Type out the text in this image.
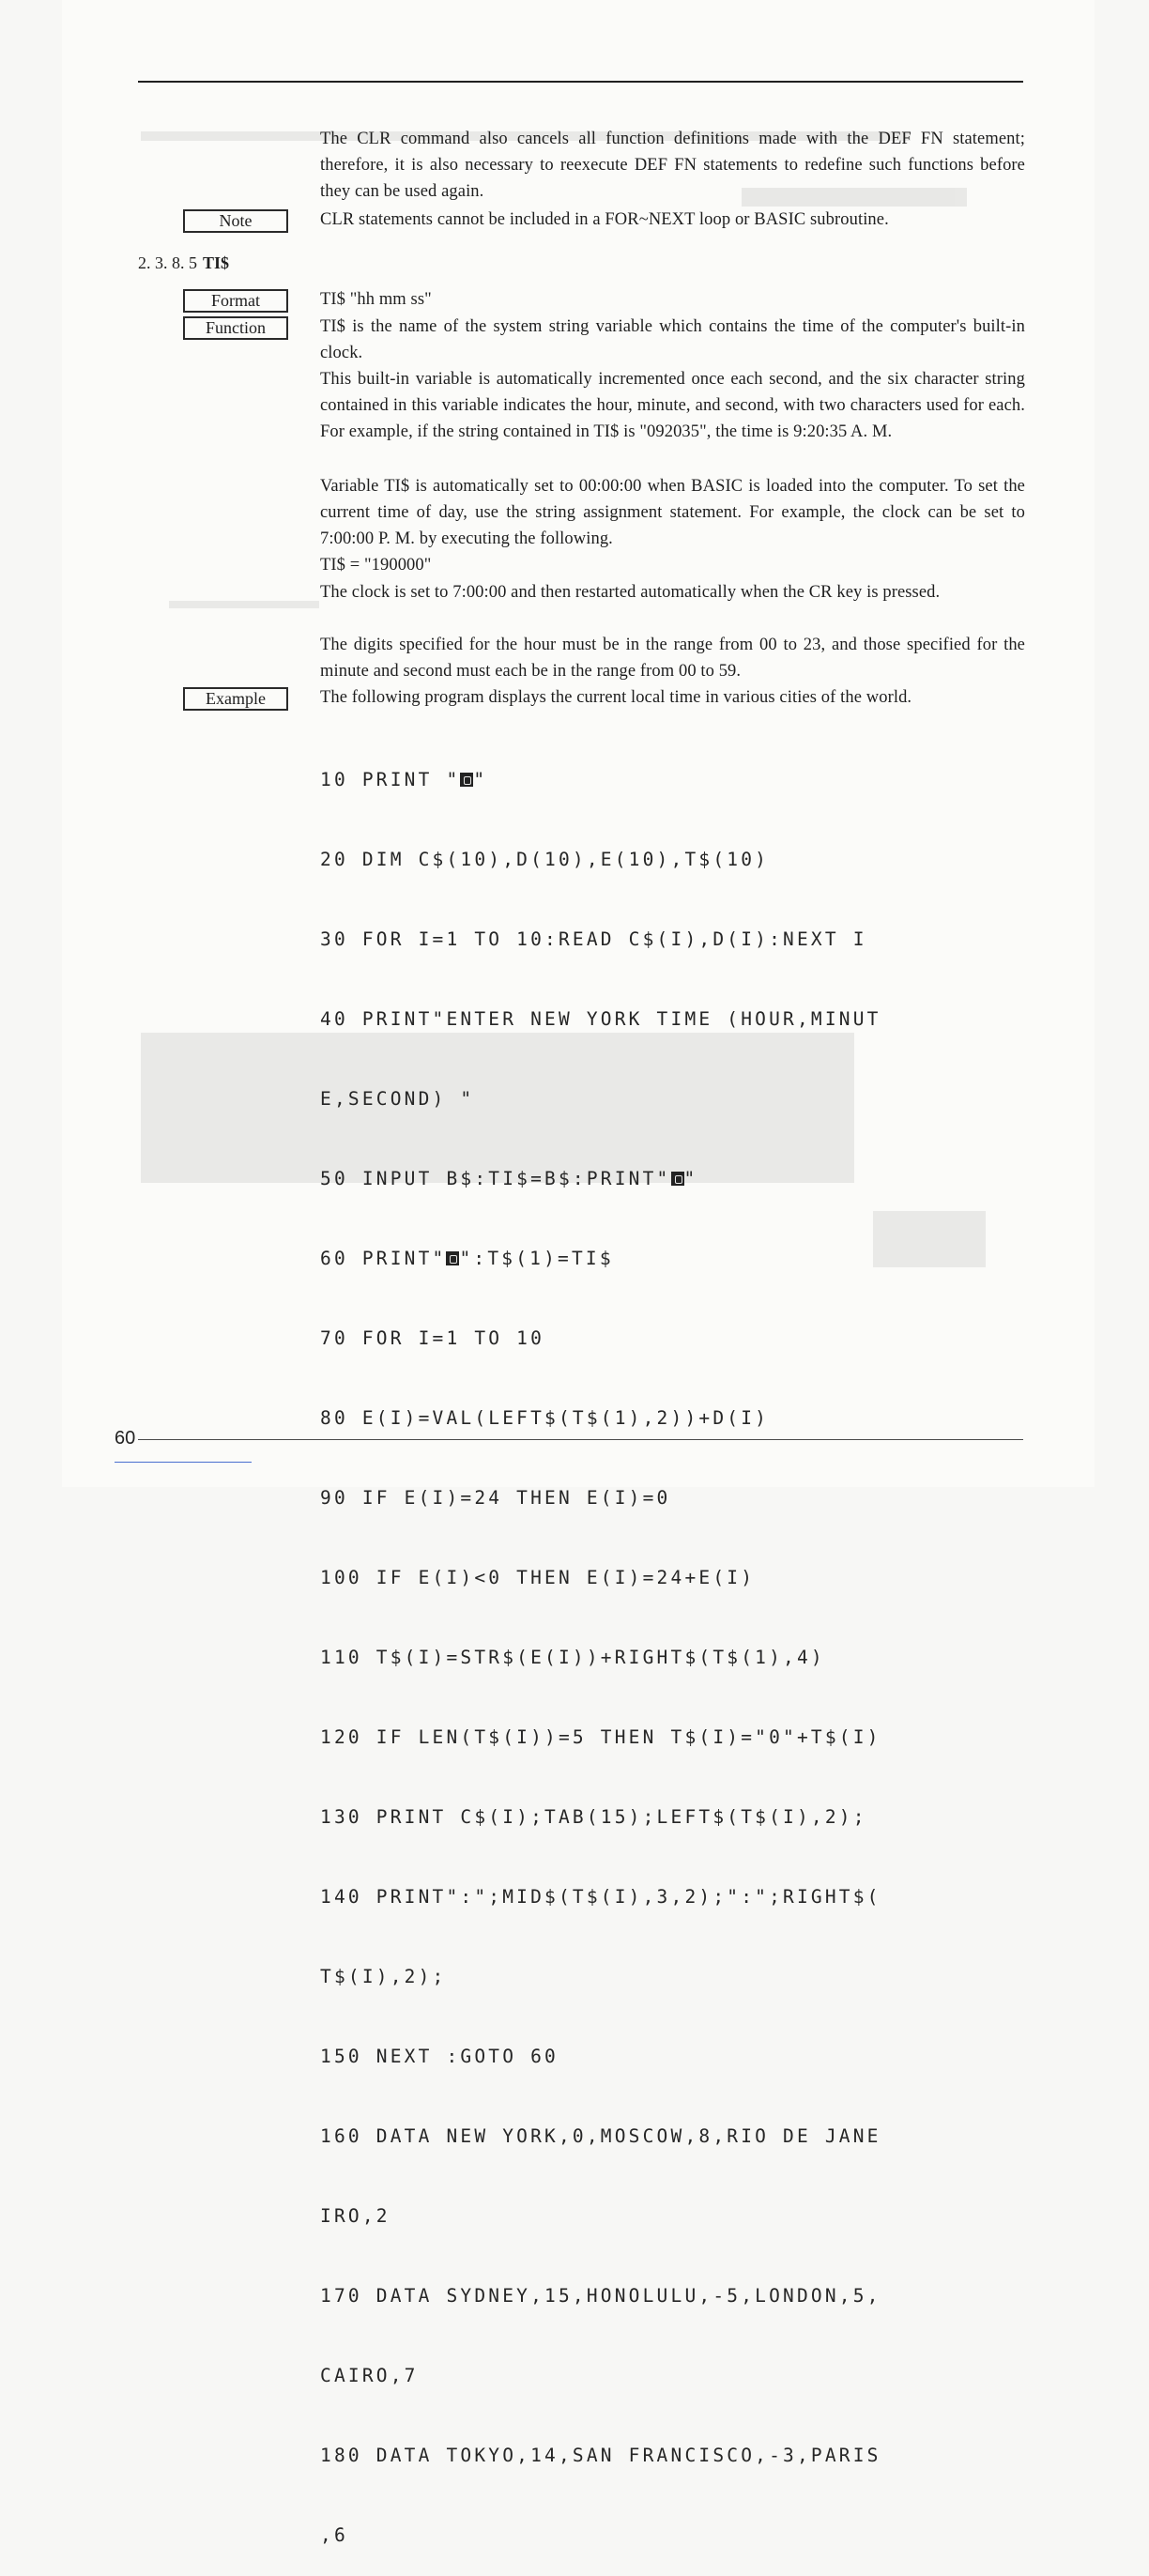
The CLR command also cancels all function definitions made with the DEF FN statement; therefore, it is also necessary to reexecute DEF FN statements to redefine such functions before they can be used again.
Note	CLR statements cannot be included in a FOR~NEXT loop or BASIC subroutine.
2. 3. 8. 5 TI$
Format	TI$ "hh mm ss"
Function	TI$ is the name of the system string variable which contains the time of the computer's built-in clock.
This built-in variable is automatically incremented once each second, and the six character string contained in this variable indicates the hour, minute, and second, with two characters used for each. For example, if the string contained in TI$ is "092035", the time is 9:20:35 A. M.
Variable TI$ is automatically set to 00:00:00 when BASIC is loaded into the computer. To set the current time of day, use the string assignment statement. For example, the clock can be set to 7:00:00 P. M. by executing the following.
TI$ = "190000"
The clock is set to 7:00:00 and then restarted automatically when the CR key is pressed.
The digits specified for the hour must be in the range from 00 to 23, and those specified for the minute and second must each be in the range from 00 to 59.
Example	The following program displays the current local time in various cities of the world.

10 PRINT " "

20 DIM C$(10),D(10),E(10),T$(10)

30 FOR I=1 TO 10:READ C$(I),D(I):NEXT I

40 PRINT"ENTER NEW YORK TIME (HOUR,MINUT

E,SECOND) "

50 INPUT B$:TI$=B$:PRINT" "

60 PRINT" ":T$(1)=TI$

70 FOR I=1 TO 10

80 E(I)=VAL(LEFT$(T$(1),2))+D(I)

90 IF E(I)=24 THEN E(I)=0

100 IF E(I)<0 THEN E(I)=24+E(I)

110 T$(I)=STR$(E(I))+RIGHT$(T$(1),4)

120 IF LEN(T$(I))=5 THEN T$(I)="0"+T$(I)

130 PRINT C$(I);TAB(15);LEFT$(T$(I),2);

140 PRINT":";MID$(T$(I),3,2);":";RIGHT$(

T$(I),2);

150 NEXT :GOTO 60

160 DATA NEW YORK,0,MOSCOW,8,RIO DE JANE

IRO,2

170 DATA SYDNEY,15,HONOLULU,-5,LONDON,5,

CAIRO,7

180 DATA TOKYO,14,SAN FRANCISCO,-3,PARIS

,6

60
